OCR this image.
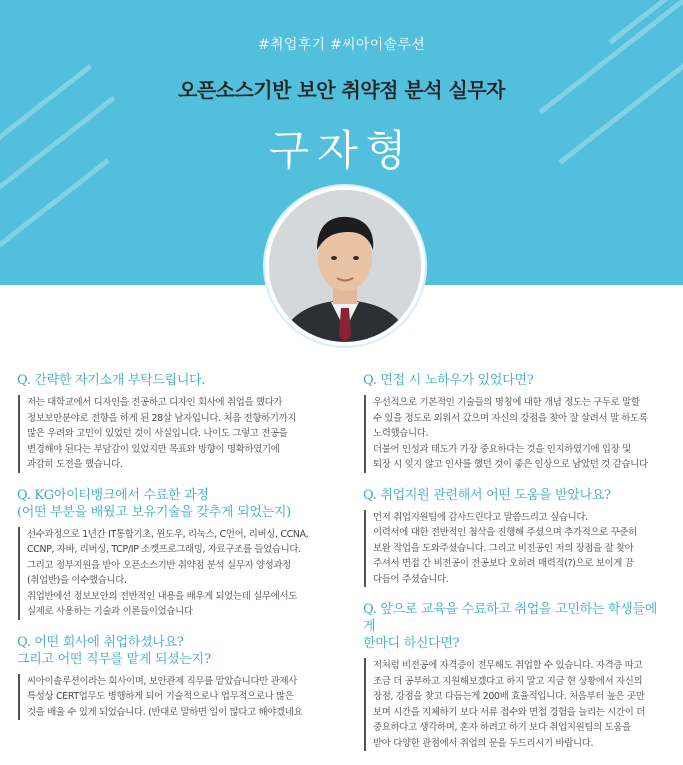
#취업후기 #씨아이솔루션
오픈소스기반 보안 취약점 분석 실무자
구자형
Q. 간략한 자기소개 부탁드립니다.

저는 대학교에서 디자인을 전공하고 디자인 회사에 취업을 했다가

정보보안분야로 전향을 하게 된 28살 남자입니다. 처음 전향하기까지

많은 우려와 고민이 있었던 것이 사실입니다. 나이도 그렇고 전공을

변경해야 된다는 부담감이 있었지만 목표와 방향이 명확하였기에

과감히 도전을 했습니다.

Q. KG아이티뱅크에서 수료한 과정
(어떤 부분을 배웠고 보유기술을 갖추게 되었는지)

선수과정으로 1년간 IT통합기초, 윈도우, 리눅스, C언어, 리버싱, CCNA,

CCNP, 자바, 리버싱, TCP/IP 소켓프로그래밍, 자료구조를 들었습니다.

그리고 정부지원을 받아 오픈소스기반 취약점 분석 실무자 양성과정

(취업반)을 이수했습니다.

취업반에선 정보보안의 전반적인 내용을 배우게 되었는데 실무에서도

실제로 사용하는 기술과 이론들이었습니다

Q. 어떤 회사에 취업하셨나요?
그리고 어떤 직무를 맡게 되셨는지?

씨아이솔루션이라는 회사이며, 보안관제 직무를 맡았습니다만 관제사

특성상 CERT업무도 병행하게 되어 기술적으로나 업무적으로나 많은

것을 배울 수 있게 되었습니다. (반대로 말하면 일이 많다고 해야겠네요

Q. 면접 시 노하우가 있었다면?

우선적으로 기본적인 기술들의 명칭에 대한 개념 정도는 구두로 말할

수 있을 정도로 외워서 갔으며 자신의 강점을 찾아 잘 살려서 말 하도록

노력했습니다.

더불어 인성과 태도가 가장 중요하다는 것을 인지하였기에 입장 및

퇴장 시 잊지 않고 인사를 했던 것이 좋은 인상으로 남았던 것 같습니다

Q. 취업지원 관련해서 어떤 도움을 받았나요?

먼저 취업지원팀에 감사드린다고 말씀드리고 싶습니다.

이력서에 대한 전반적인 첨삭을 진행해 주셨으며 추가적으로 꾸준히

보완 작업을 도와주셨습니다. 그리고 비전공인 저의 장점을 잘 찾아

주셔서 면접 간 비전공이 전공보다 오히려 매력적(?)으로 보이게 끔

다듬어 주셨습니다.

Q. 앞으로 교육을 수료하고 취업을 고민하는 학생들에게
한마디 하신다면?

저처럼 비전공에 자격증이 전무해도 취업할 수 있습니다. 자격증 따고

조금 더 공부하고 지원해보겠다고 하지 말고 지금 현 상황에서 자신의

장점, 강점을 찾고 다듬는게 200배 효율적입니다. 처음부터 높은 곳만

보며 시간을 지체하기 보다 서류 접수와 면접 경험을 늘리는 시간이 더

중요하다고 생각하며, 혼자 하려고 하기 보다 취업지원팀의 도움을

받아 다양한 관점에서 취업의 문을 두드리시기 바랍니다.
